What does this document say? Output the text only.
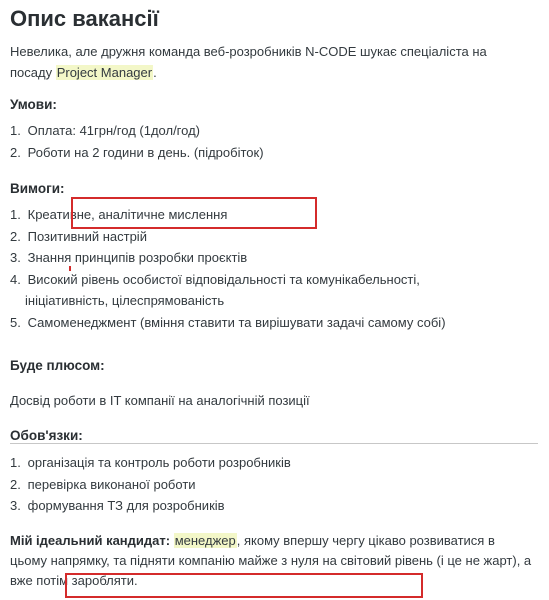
Опис вакансії
Невелика, але дружня команда веб-розробників N-CODE шукає спеціаліста на посаду Project Manager.
Умови:
1. Оплата: 41грн/год (1дол/год)
2. Роботи на 2 години в день. (підробіток)
Вимоги:
1. Креативне, аналітичне мислення
2. Позитивний настрій
3. Знання принципів розробки проєктів
4. Високий рівень особистої відповідальності та комунікабельності,
ініціативність, цілеспрямованість
5. Самоменеджмент (вміння ставити та вирішувати задачі самому собі)
Буде плюсом:
Досвід роботи в IT компанії на аналогічній позиції
Обов'язки:
1. організація та контроль роботи розробників
2. перевірка виконаної роботи
3. формування ТЗ для розробників
Мій ідеальний кандидат: менеджер, якому впершу чергу цікаво розвиватися в цьому напрямку, та підняти компанію майже з нуля на світовий рівень (і це не жарт), а вже потім заробляти.
